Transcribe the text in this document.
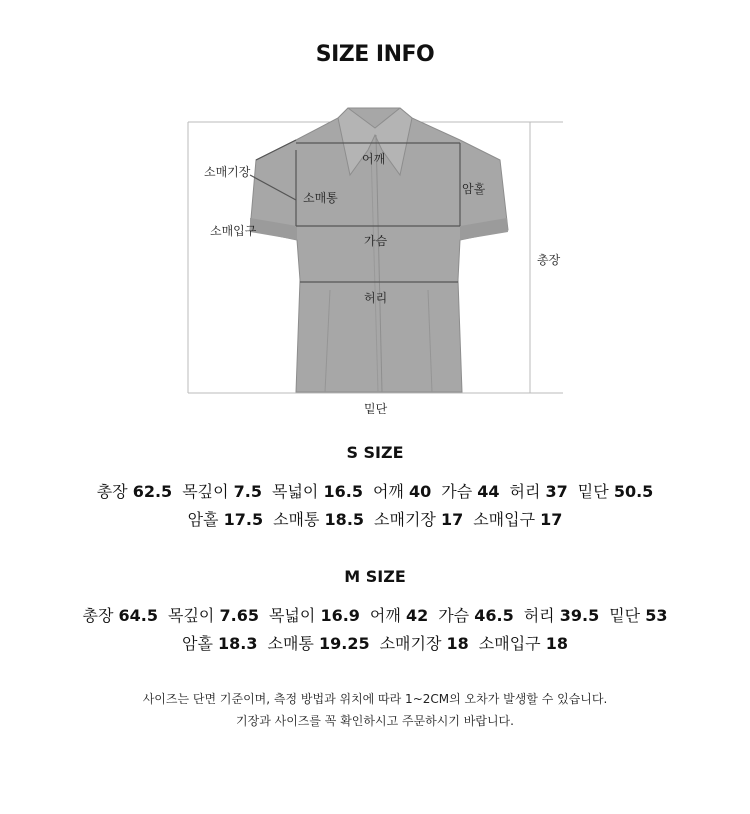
SIZE INFO
소매기장
어깨
암홀
소매통
소매입구
가슴
허리
총장
밑단
S SIZE
총장 62.5 목깊이 7.5 목넓이 16.5 어깨 40 가슴 44 허리 37 밑단 50.5
암홀 17.5 소매통 18.5 소매기장 17 소매입구 17
M SIZE
총장 64.5 목깊이 7.65 목넓이 16.9 어깨 42 가슴 46.5 허리 39.5 밑단 53
암홀 18.3 소매통 19.25 소매기장 18 소매입구 18
사이즈는 단면 기준이며, 측정 방법과 위치에 따라 1~2CM의 오차가 발생할 수 있습니다.
기장과 사이즈를 꼭 확인하시고 주문하시기 바랍니다.
